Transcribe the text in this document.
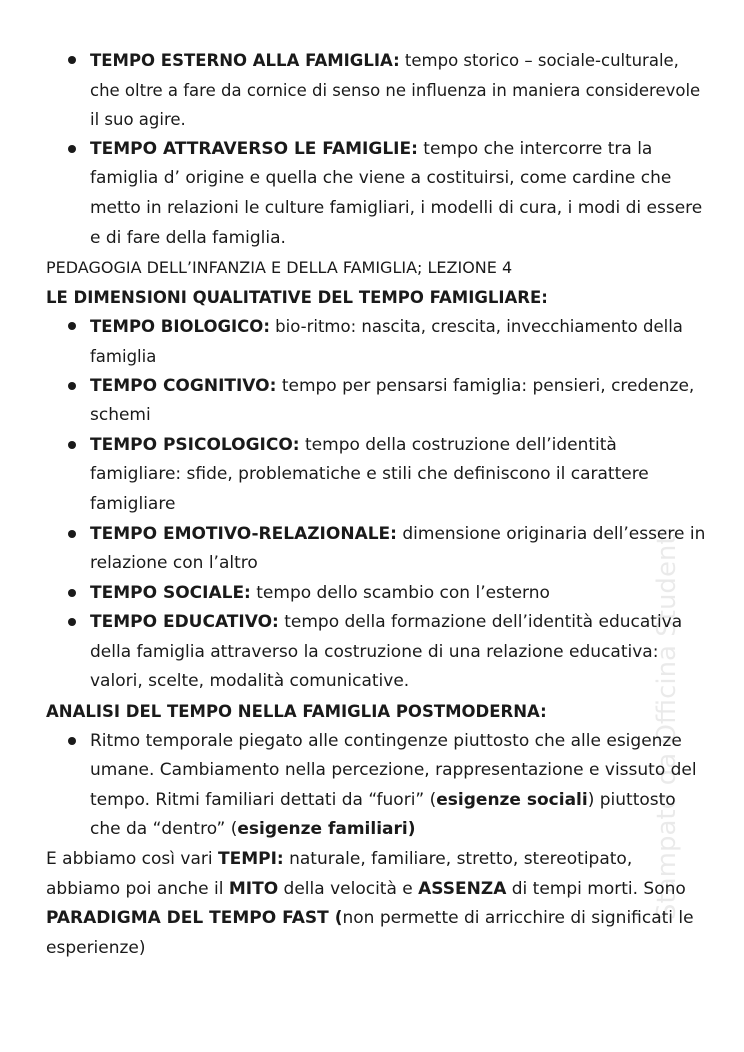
TEMPO ESTERNO ALLA FAMIGLIA: tempo storico – sociale-culturale, che oltre a fare da cornice di senso ne influenza in maniera considerevole il suo agire.
TEMPO ATTRAVERSO LE FAMIGLIE: tempo che intercorre tra la famiglia d’ origine e quella che viene a costituirsi, come cardine che metto in relazioni le culture famigliari, i modelli di cura, i modi di essere e di fare della famiglia.
PEDAGOGIA DELL’INFANZIA E DELLA FAMIGLIA; LEZIONE 4
LE DIMENSIONI QUALITATIVE DEL TEMPO FAMIGLIARE:
TEMPO BIOLOGICO: bio-ritmo: nascita, crescita, invecchiamento della famiglia
TEMPO COGNITIVO: tempo per pensarsi famiglia: pensieri, credenze, schemi
TEMPO PSICOLOGICO: tempo della costruzione dell’identità famigliare: sfide, problematiche e stili che definiscono il carattere famigliare
TEMPO EMOTIVO-RELAZIONALE: dimensione originaria dell’essere in relazione con l’altro
TEMPO SOCIALE: tempo dello scambio con l’esterno
TEMPO EDUCATIVO: tempo della formazione dell’identità educativa della famiglia attraverso la costruzione di una relazione educativa: valori, scelte, modalità comunicative.
ANALISI DEL TEMPO NELLA FAMIGLIA POSTMODERNA:
Ritmo temporale piegato alle contingenze piuttosto che alle esigenze umane. Cambiamento nella percezione, rappresentazione e vissuto del tempo. Ritmi familiari dettati da “fuori” (esigenze sociali) piuttosto che da “dentro” (esigenze familiari)
E abbiamo così vari TEMPI: naturale, familiare, stretto, stereotipato, abbiamo poi anche il MITO della velocità e ASSENZA di tempi morti. Sono PARADIGMA DEL TEMPO FAST (non permette di arricchire di significati le esperienze)
Stampato da Officina Studenti
